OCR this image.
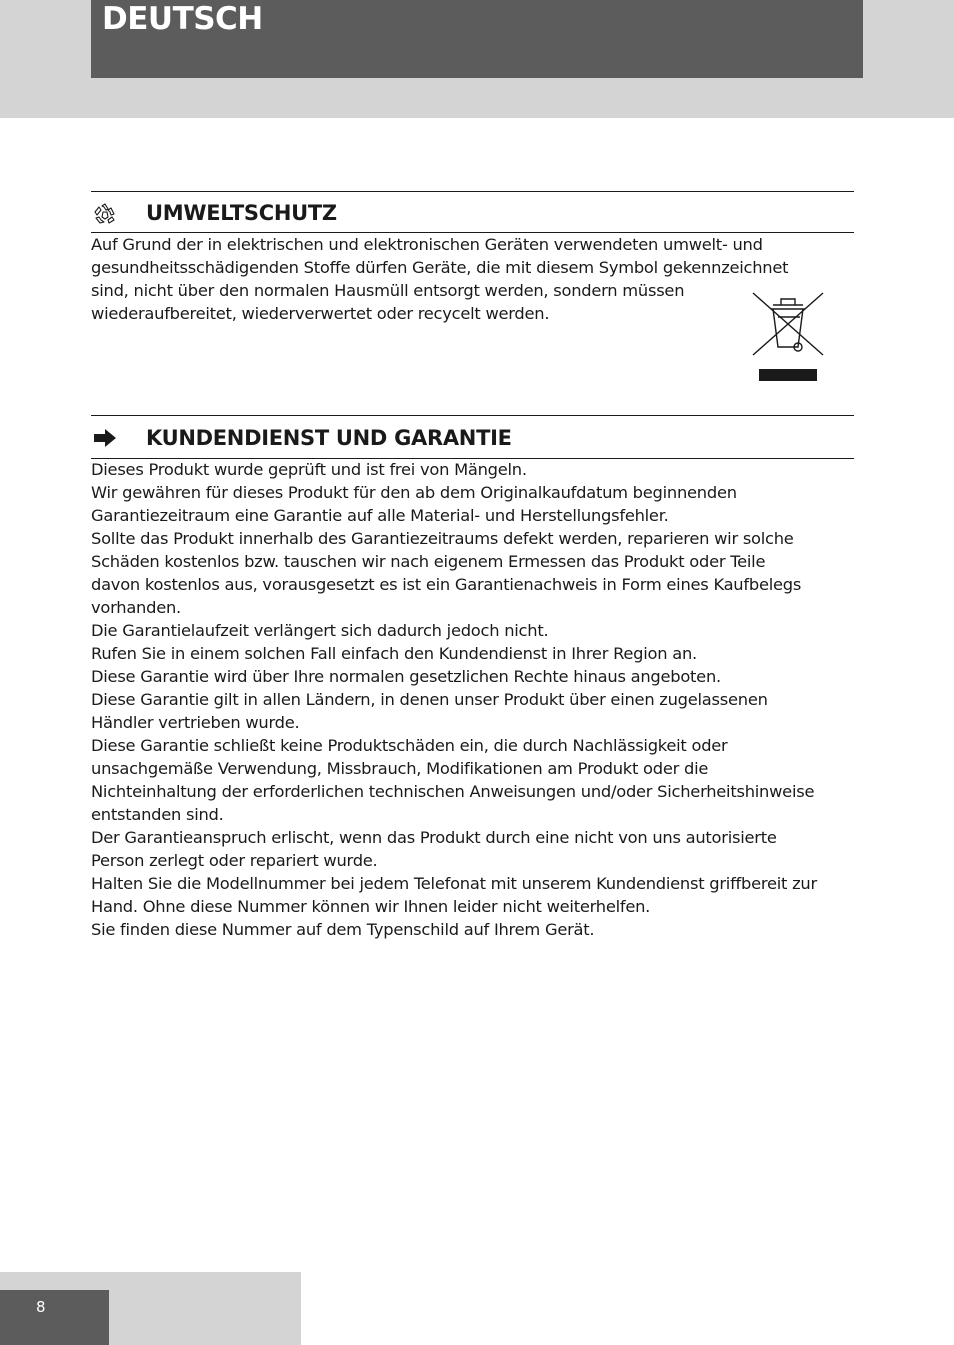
DEUTSCH
UMWELTSCHUTZ

Auf Grund der in elektrischen und elektronischen Geräten verwendeten umwelt- und

gesundheitsschädigenden Stoffe dürfen Geräte, die mit diesem Symbol gekennzeichnet

sind, nicht über den normalen Hausmüll entsorgt werden, sondern müssen

wiederaufbereitet, wiederverwertet oder recycelt werden.

KUNDENDIENST UND GARANTIE

Dieses Produkt wurde geprüft und ist frei von Mängeln.

Wir gewähren für dieses Produkt für den ab dem Originalkaufdatum beginnenden

Garantiezeitraum eine Garantie auf alle Material- und Herstellungsfehler.

Sollte das Produkt innerhalb des Garantiezeitraums defekt werden, reparieren wir solche

Schäden kostenlos bzw. tauschen wir nach eigenem Ermessen das Produkt oder Teile

davon kostenlos aus, vorausgesetzt es ist ein Garantienachweis in Form eines Kaufbelegs

vorhanden.

Die Garantielaufzeit verlängert sich dadurch jedoch nicht.

Rufen Sie in einem solchen Fall einfach den Kundendienst in Ihrer Region an.

Diese Garantie wird über Ihre normalen gesetzlichen Rechte hinaus angeboten.

Diese Garantie gilt in allen Ländern, in denen unser Produkt über einen zugelassenen

Händler vertrieben wurde.

Diese Garantie schließt keine Produktschäden ein, die durch Nachlässigkeit oder

unsachgemäße Verwendung, Missbrauch, Modifikationen am Produkt oder die

Nichteinhaltung der erforderlichen technischen Anweisungen und/oder Sicherheitshinweise

entstanden sind.

Der Garantieanspruch erlischt, wenn das Produkt durch eine nicht von uns autorisierte

Person zerlegt oder repariert wurde.

Halten Sie die Modellnummer bei jedem Telefonat mit unserem Kundendienst griffbereit zur

Hand. Ohne diese Nummer können wir Ihnen leider nicht weiterhelfen.

Sie finden diese Nummer auf dem Typenschild auf Ihrem Gerät.

8
